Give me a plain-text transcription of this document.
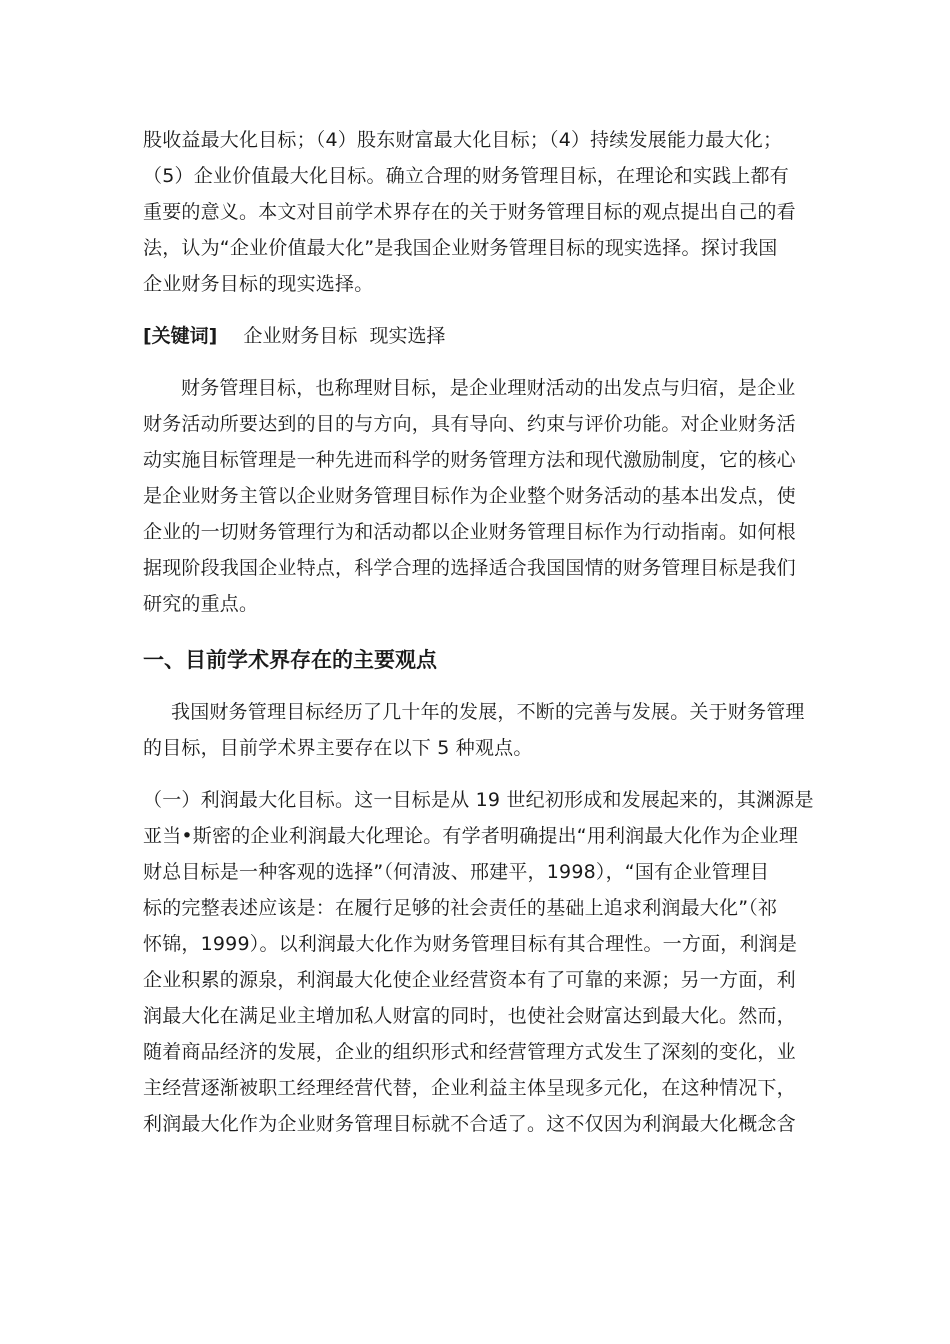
股收益最大化目标；（4）股东财富最大化目标；（4）持续发展能力最大化；
（5）企业价值最大化目标。确立合理的财务管理目标，在理论和实践上都有
重要的意义。本文对目前学术界存在的关于财务管理目标的观点提出自己的看
法，认为“企业价值最大化”是我国企业财务管理目标的现实选择。探讨我国
企业财务目标的现实选择。
[关键词] 企业财务目标  现实选择
财务管理目标，也称理财目标，是企业理财活动的出发点与归宿，是企业
财务活动所要达到的目的与方向，具有导向、约束与评价功能。对企业财务活
动实施目标管理是一种先进而科学的财务管理方法和现代激励制度，它的核心
是企业财务主管以企业财务管理目标作为企业整个财务活动的基本出发点，使
企业的一切财务管理行为和活动都以企业财务管理目标作为行动指南。如何根
据现阶段我国企业特点，科学合理的选择适合我国国情的财务管理目标是我们
研究的重点。
一、目前学术界存在的主要观点
我国财务管理目标经历了几十年的发展，不断的完善与发展。关于财务管理
的目标，目前学术界主要存在以下 5 种观点。
（一）利润最大化目标。这一目标是从 19 世纪初形成和发展起来的，其渊源是
亚当•斯密的企业利润最大化理论。有学者明确提出“用利润最大化作为企业理
财总目标是一种客观的选择”（何清波、邢建平，1998），“国有企业管理目
标的完整表述应该是：在履行足够的社会责任的基础上追求利润最大化”（祁
怀锦，1999）。以利润最大化作为财务管理目标有其合理性。一方面，利润是
企业积累的源泉，利润最大化使企业经营资本有了可靠的来源；另一方面，利
润最大化在满足业主增加私人财富的同时，也使社会财富达到最大化。然而，
随着商品经济的发展，企业的组织形式和经营管理方式发生了深刻的变化，业
主经营逐渐被职工经理经营代替，企业利益主体呈现多元化，在这种情况下，
利润最大化作为企业财务管理目标就不合适了。这不仅因为利润最大化概念含
